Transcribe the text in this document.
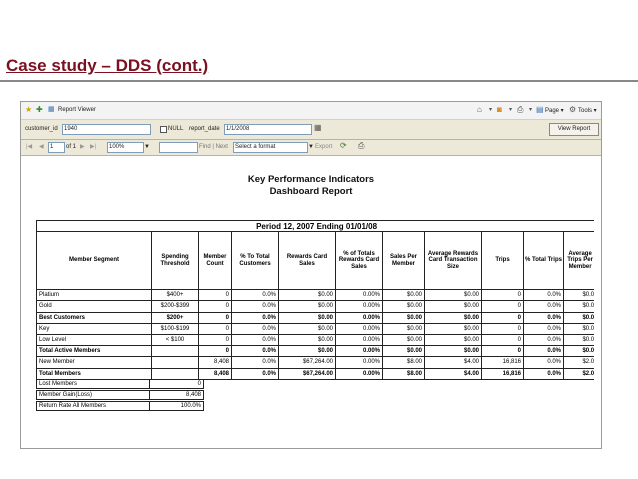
Case study – DDS (cont.)
★ ✚ ▦ Report Viewer	⌂ ▾ ◙ ▾ ⎙ ▾ ▤ Page ▾ ⚙ Tools ▾
customer_id	1940	NULL report_date	1/1/2008	▦	View Report
|◀ ◀	1	of 1 ▶ ▶|	100%	▼	Find | Next	Select a format	▼ Export ⟳ ⎙
Key Performance Indicators
Dashboard Report
Period 12, 2007 Ending 01/01/08										
Member Segment	Spending Threshold	Member Count	% To Total Customers	Rewards Card Sales	% of Totals Rewards Card Sales	Sales Per Member	Average Rewards Card Transaction Size	Trips	% Total Trips	Average Trips Per Member
Platium	$400+	0	0.0%	$0.00	0.00%	$0.00	$0.00	0	0.0%	$0.0
Gold	$200-$399	0	0.0%	$0.00	0.00%	$0.00	$0.00	0	0.0%	$0.0
Best Customers	$200+	0	0.0%	$0.00	0.00%	$0.00	$0.00	0	0.0%	$0.0
Key	$100-$199	0	0.0%	$0.00	0.00%	$0.00	$0.00	0	0.0%	$0.0
Low Level	< $100	0	0.0%	$0.00	0.00%	$0.00	$0.00	0	0.0%	$0.0
Total Active Members		0	0.0%	$0.00	0.00%	$0.00	$0.00	0	0.0%	$0.0
New Member		8,408	0.0%	$67,264.00	0.00%	$8.00	$4.00	16,816	0.0%	$2.0
Total Members		8,408	0.0%	$67,264.00	0.00%	$8.00	$4.00	16,816	0.0%	$2.0
Lost Members	0
Member Gain(Loss)	8,408
Return Rate All Members	100.0%
